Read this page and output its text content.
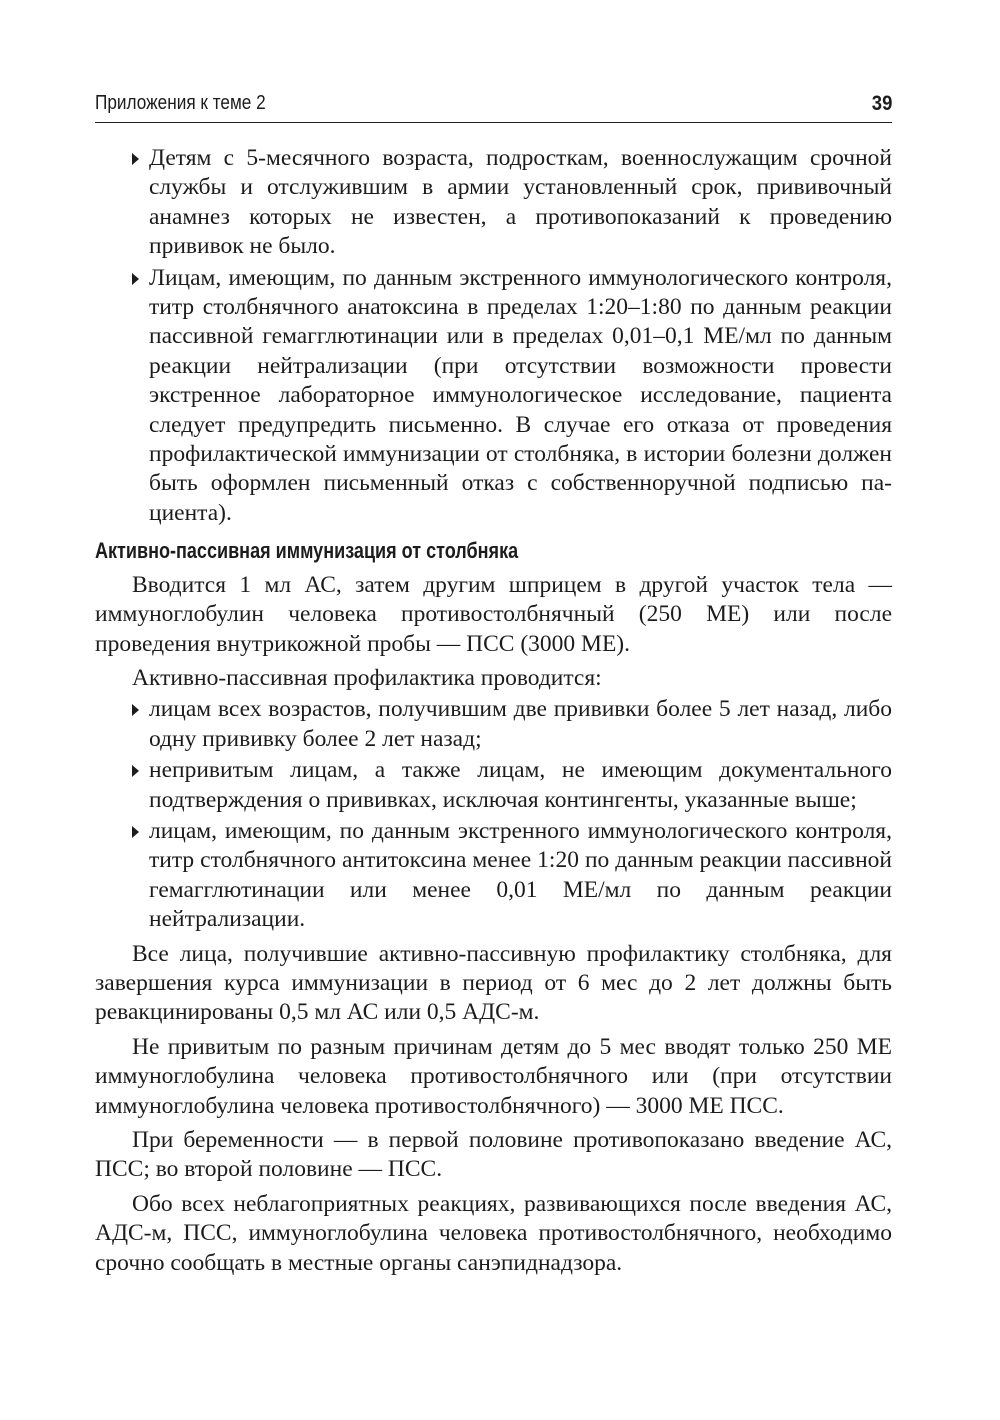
Приложения к теме 2	39

Детям с 5-месячного возраста, подросткам, военнослужащим срочной службы и отслужившим в армии установленный срок, прививочный анамнез которых не известен, а противопоказаний к проведению прививок не было.

Лицам, имеющим, по данным экстренного иммунологического контроля, титр столбнячного анатоксина в пределах 1:20–1:80 по данным реакции пассивной гемагглютинации или в пределах 0,01–0,1 МЕ/мл по данным реакции нейтрализации (при отсутствии возможности провести экстренное лабораторное иммунологическое исследование, пациента следует предупредить письменно. В случае его отказа от проведения профилактической иммунизации от столбняка, в истории болезни должен быть оформлен письменный отказ с собственноручной подписью пациента).

Активно-пассивная иммунизация от столбняка

Вводится 1 мл АС, затем другим шприцем в другой участок тела — иммуноглобулин человека противостолбнячный (250 МЕ) или после проведения внутрикожной пробы — ПСС (3000 МЕ).

Активно-пассивная профилактика проводится:

лицам всех возрастов, получившим две прививки более 5 лет назад, либо одну прививку более 2 лет назад;

непривитым лицам, а также лицам, не имеющим документального подтверждения о прививках, исключая контингенты, указанные выше;

лицам, имеющим, по данным экстренного иммунологического контроля, титр столбнячного антитоксина менее 1:20 по данным реакции пассивной гемагглютинации или менее 0,01 МЕ/мл по данным реакции нейтрализации.

Все лица, получившие активно-пассивную профилактику столбняка, для завершения курса иммунизации в период от 6 мес до 2 лет должны быть ревакцинированы 0,5 мл АС или 0,5 АДС-м.

Не привитым по разным причинам детям до 5 мес вводят только 250 МЕ иммуноглобулина человека противостолбнячного или (при отсутствии иммуноглобулина человека противостолбнячного) — 3000 МЕ ПСС.

При беременности — в первой половине противопоказано введение АС, ПСС; во второй половине — ПСС.

Обо всех неблагоприятных реакциях, развивающихся после введения АС, АДС-м, ПСС, иммуноглобулина человека противостолбнячного, необходимо срочно сообщать в местные органы санэпиднадзора.
